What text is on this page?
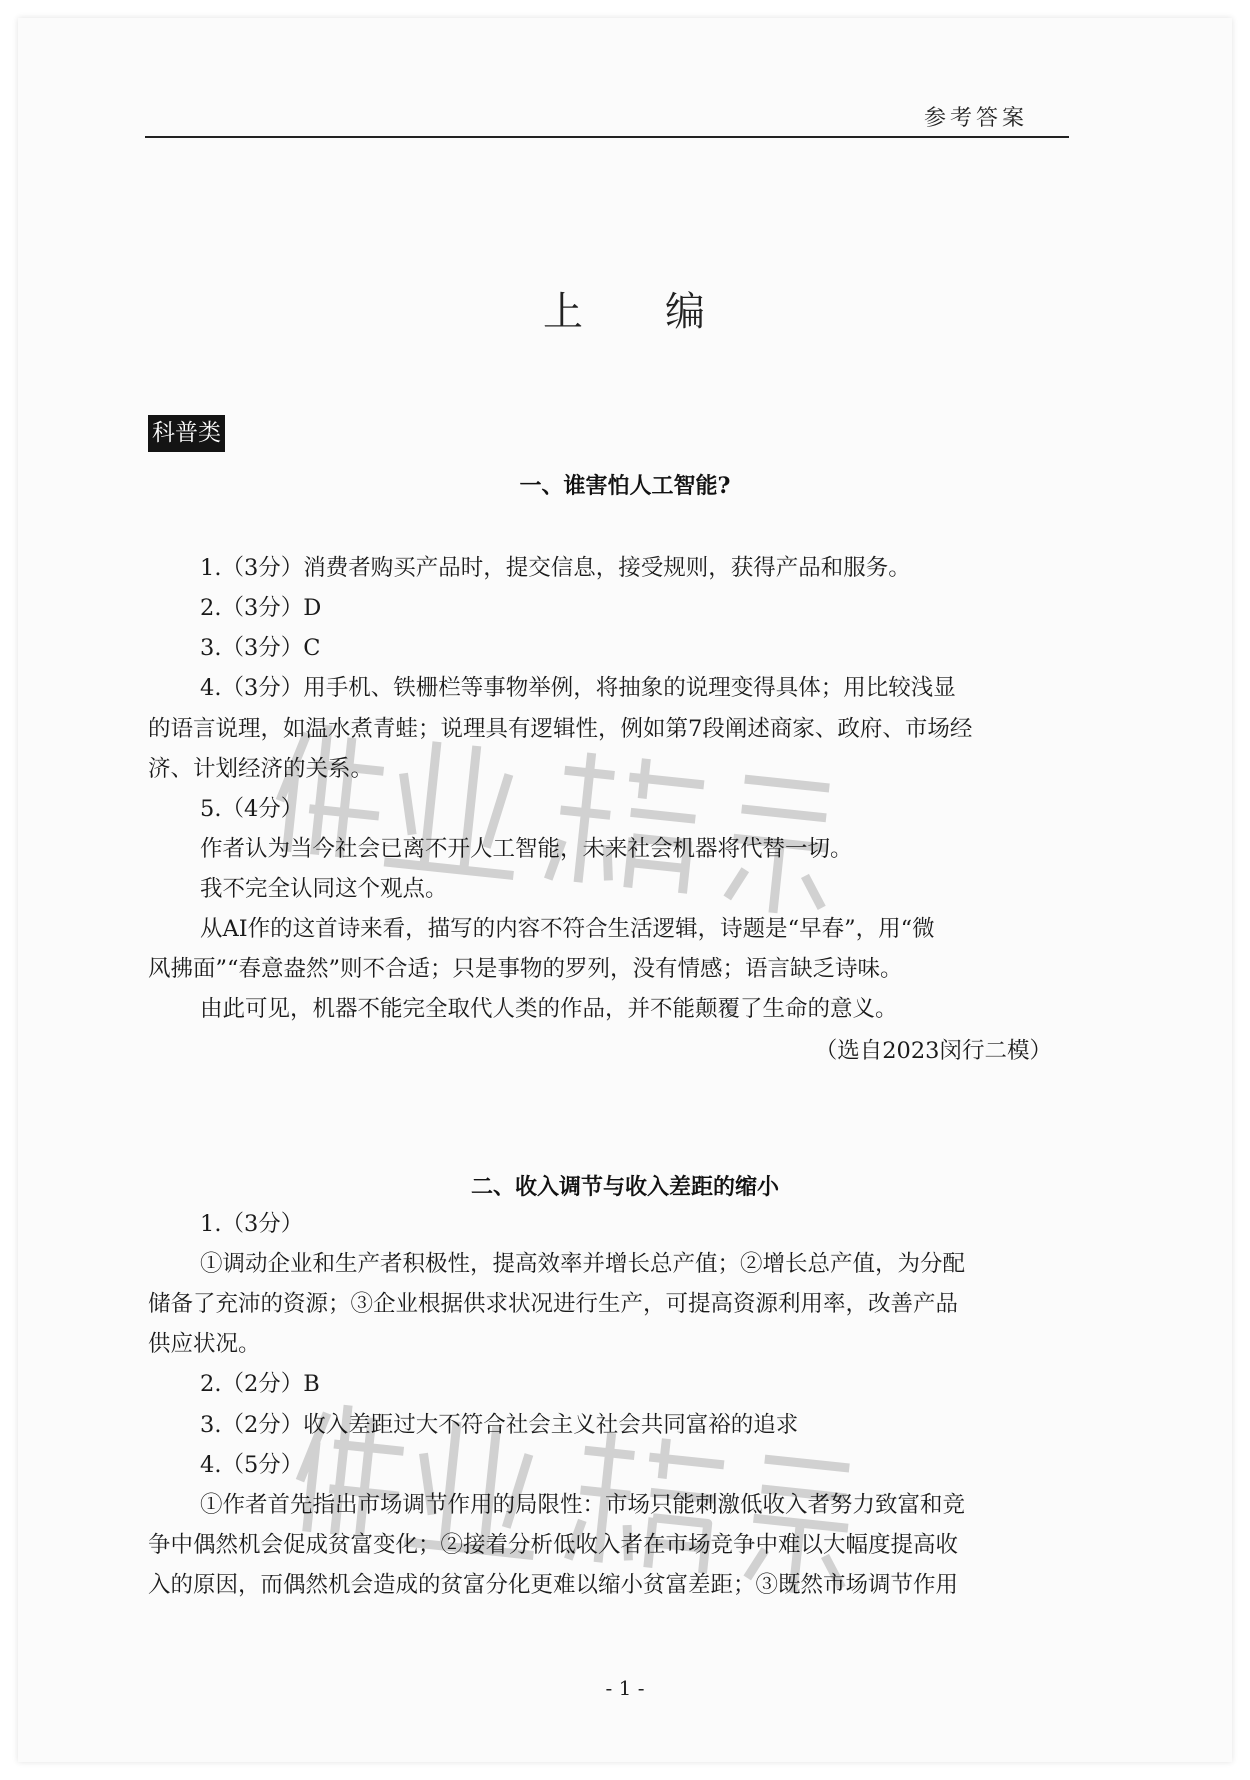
参考答案
上 编
科普类
一、谁害怕人工智能?
1.（3分）消费者购买产品时，提交信息，接受规则，获得产品和服务。
2.（3分）D
3.（3分）C
4.（3分）用手机、铁栅栏等事物举例，将抽象的说理变得具体；用比较浅显
的语言说理，如温水煮青蛙；说理具有逻辑性，例如第7段阐述商家、政府、市场经
济、计划经济的关系。
5.（4分）
作者认为当今社会已离不开人工智能，未来社会机器将代替一切。
我不完全认同这个观点。
从AI作的这首诗来看，描写的内容不符合生活逻辑，诗题是“早春”，用“微
风拂面”“春意盎然”则不合适；只是事物的罗列，没有情感；语言缺乏诗味。
由此可见，机器不能完全取代人类的作品，并不能颠覆了生命的意义。
（选自2023闵行二模）
二、收入调节与收入差距的缩小
1.（3分）
①调动企业和生产者积极性，提高效率并增长总产值；②增长总产值，为分配
储备了充沛的资源；③企业根据供求状况进行生产，可提高资源利用率，改善产品
供应状况。
2.（2分）B
3.（2分）收入差距过大不符合社会主义社会共同富裕的追求
4.（5分）
①作者首先指出市场调节作用的局限性：市场只能刺激低收入者努力致富和竞
争中偶然机会促成贫富变化；②接着分析低收入者在市场竞争中难以大幅度提高收
入的原因，而偶然机会造成的贫富分化更难以缩小贫富差距；③既然市场调节作用
- 1 -
